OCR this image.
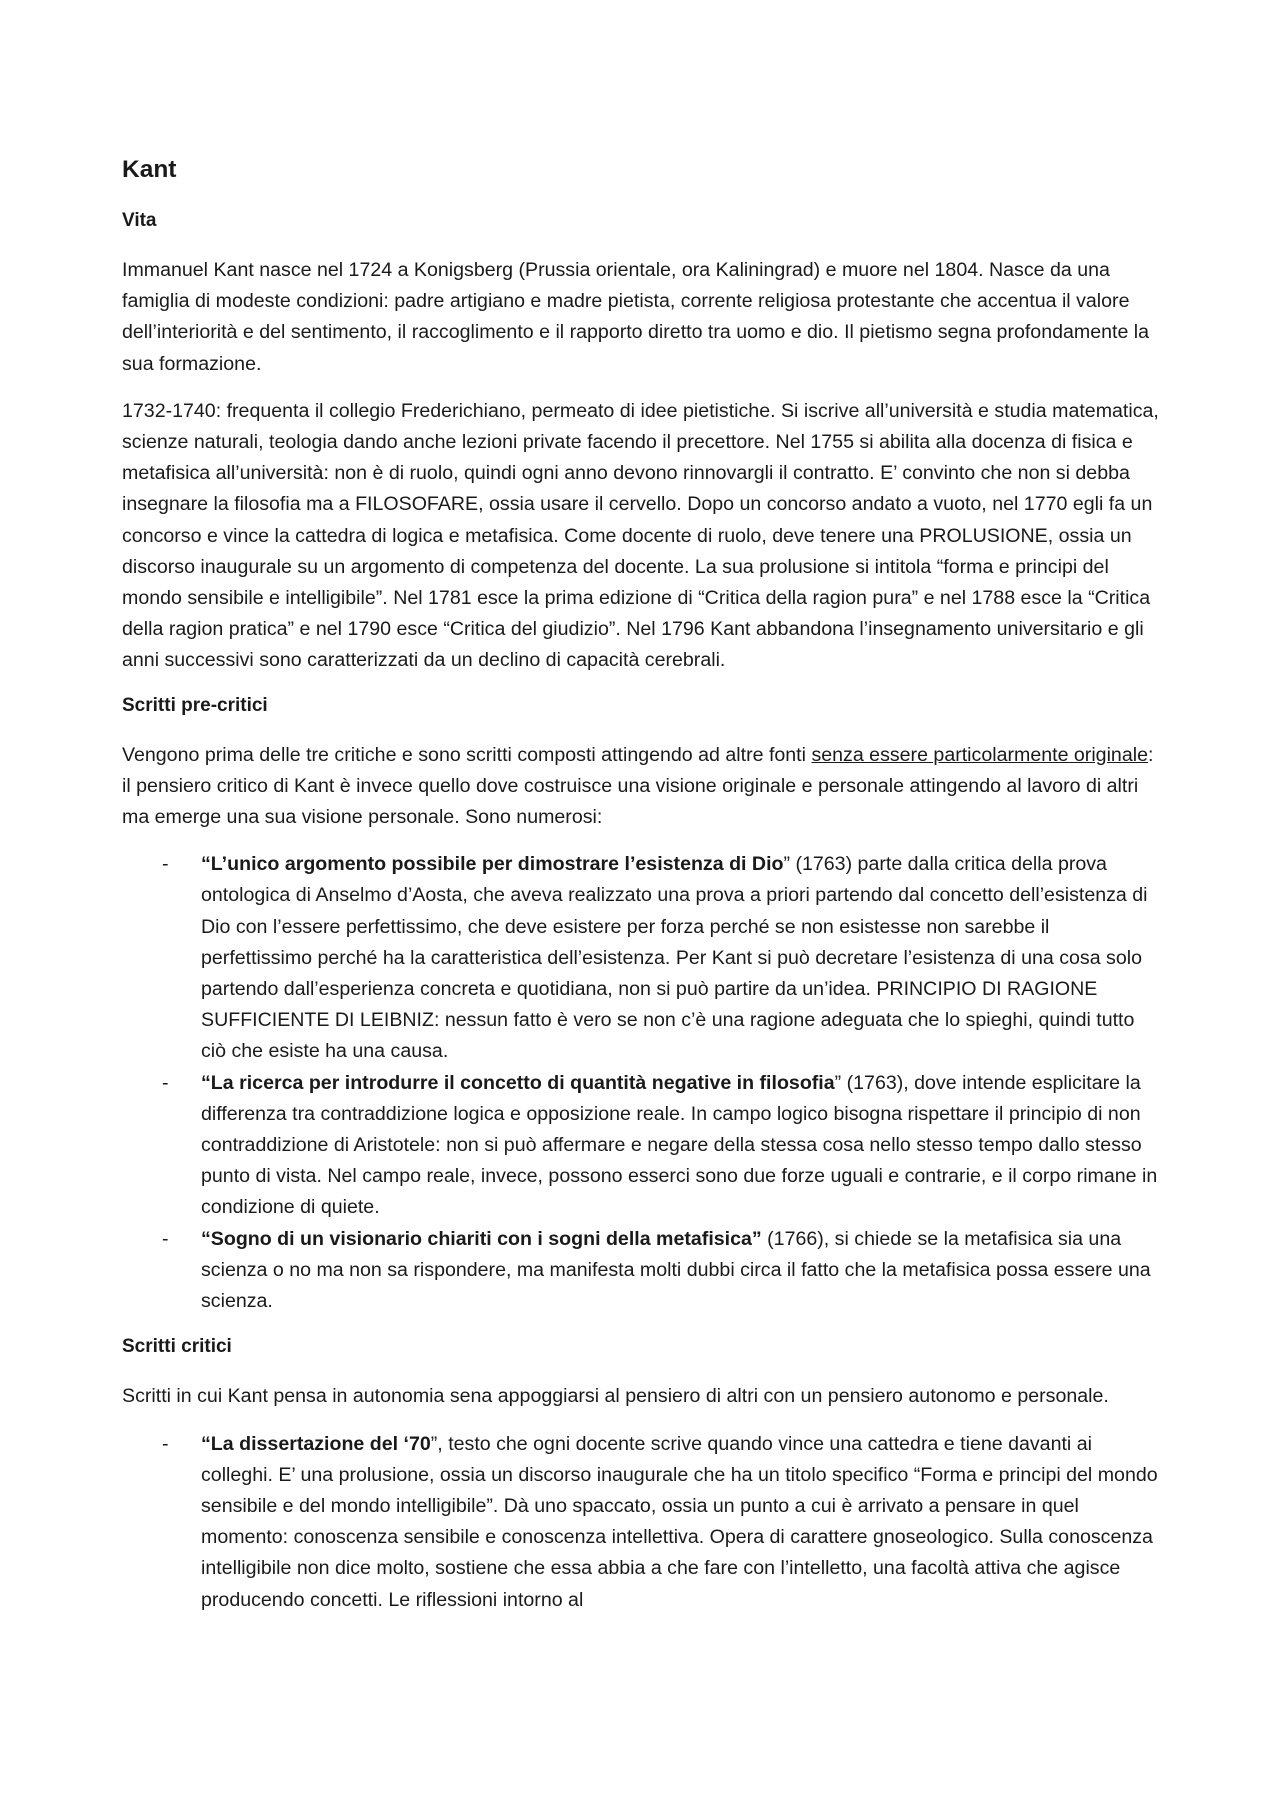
Kant
Vita

Immanuel Kant nasce nel 1724 a Konigsberg (Prussia orientale, ora Kaliningrad) e muore nel 1804. Nasce da una famiglia di modeste condizioni: padre artigiano e madre pietista, corrente religiosa protestante che accentua il valore dell’interiorità e del sentimento, il raccoglimento e il rapporto diretto tra uomo e dio. Il pietismo segna profondamente la sua formazione.

1732-1740: frequenta il collegio Frederichiano, permeato di idee pietistiche. Si iscrive all’università e studia matematica, scienze naturali, teologia dando anche lezioni private facendo il precettore. Nel 1755 si abilita alla docenza di fisica e metafisica all’università: non è di ruolo, quindi ogni anno devono rinnovargli il contratto. E’ convinto che non si debba insegnare la filosofia ma a FILOSOFARE, ossia usare il cervello. Dopo un concorso andato a vuoto, nel 1770 egli fa un concorso e vince la cattedra di logica e metafisica. Come docente di ruolo, deve tenere una PROLUSIONE, ossia un discorso inaugurale su un argomento di competenza del docente. La sua prolusione si intitola “forma e principi del mondo sensibile e intelligibile”. Nel 1781 esce la prima edizione di “Critica della ragion pura” e nel 1788 esce la “Critica della ragion pratica” e nel 1790 esce “Critica del giudizio”. Nel 1796 Kant abbandona l’insegnamento universitario e gli anni successivi sono caratterizzati da un declino di capacità cerebrali.

Scritti pre-critici

Vengono prima delle tre critiche e sono scritti composti attingendo ad altre fonti senza essere particolarmente originale: il pensiero critico di Kant è invece quello dove costruisce una visione originale e personale attingendo al lavoro di altri ma emerge una sua visione personale. Sono numerosi:

- “L’unico argomento possibile per dimostrare l’esistenza di Dio” (1763) parte dalla critica della prova ontologica di Anselmo d’Aosta, che aveva realizzato una prova a priori partendo dal concetto dell’esistenza di Dio con l’essere perfettissimo, che deve esistere per forza perché se non esistesse non sarebbe il perfettissimo perché ha la caratteristica dell’esistenza. Per Kant si può decretare l’esistenza di una cosa solo partendo dall’esperienza concreta e quotidiana, non si può partire da un’idea. PRINCIPIO DI RAGIONE SUFFICIENTE DI LEIBNIZ: nessun fatto è vero se non c’è una ragione adeguata che lo spieghi, quindi tutto ciò che esiste ha una causa.
- “La ricerca per introdurre il concetto di quantità negative in filosofia” (1763), dove intende esplicitare la differenza tra contraddizione logica e opposizione reale. In campo logico bisogna rispettare il principio di non contraddizione di Aristotele: non si può affermare e negare della stessa cosa nello stesso tempo dallo stesso punto di vista. Nel campo reale, invece, possono esserci sono due forze uguali e contrarie, e il corpo rimane in condizione di quiete.
- “Sogno di un visionario chiariti con i sogni della metafisica” (1766), si chiede se la metafisica sia una scienza o no ma non sa rispondere, ma manifesta molti dubbi circa il fatto che la metafisica possa essere una scienza.
Scritti critici

Scritti in cui Kant pensa in autonomia sena appoggiarsi al pensiero di altri con un pensiero autonomo e personale.

- “La dissertazione del ‘70”, testo che ogni docente scrive quando vince una cattedra e tiene davanti ai colleghi. E’ una prolusione, ossia un discorso inaugurale che ha un titolo specifico “Forma e principi del mondo sensibile e del mondo intelligibile”. Dà uno spaccato, ossia un punto a cui è arrivato a pensare in quel momento: conoscenza sensibile e conoscenza intellettiva. Opera di carattere gnoseologico. Sulla conoscenza intelligibile non dice molto, sostiene che essa abbia a che fare con l’intelletto, una facoltà attiva che agisce producendo concetti. Le riflessioni intorno al
